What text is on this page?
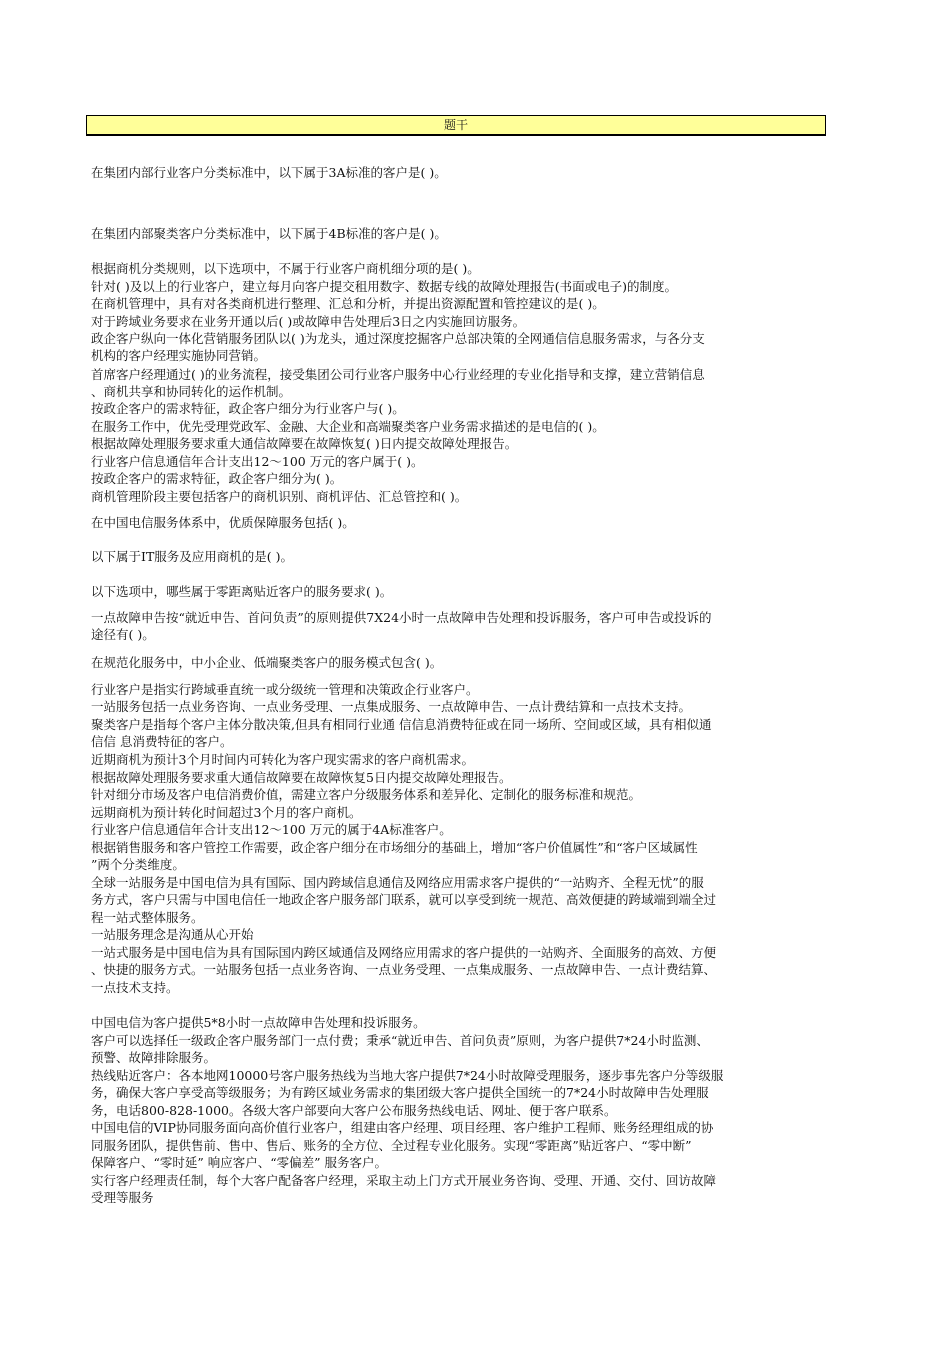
题干
在集团内部行业客户分类标准中，以下属于3A标准的客户是( )。
在集团内部聚类客户分类标准中，以下属于4B标准的客户是( )。
根据商机分类规则，以下选项中，不属于行业客户商机细分项的是( )。
针对( )及以上的行业客户，建立每月向客户提交租用数字、数据专线的故障处理报告(书面或电子)的制度。
在商机管理中，具有对各类商机进行整理、汇总和分析，并提出资源配置和管控建议的是( )。
对于跨域业务要求在业务开通以后( )或故障申告处理后3日之内实施回访服务。
政企客户纵向一体化营销服务团队以( )为龙头，通过深度挖掘客户总部决策的全网通信信息服务需求，与各分支
机构的客户经理实施协同营销。
首席客户经理通过( )的业务流程，接受集团公司行业客户服务中心行业经理的专业化指导和支撑，建立营销信息
、商机共享和协同转化的运作机制。
按政企客户的需求特征，政企客户细分为行业客户与( )。
在服务工作中，优先受理党政军、金融、大企业和高端聚类客户业务需求描述的是电信的( )。
根据故障处理服务要求重大通信故障要在故障恢复( )日内提交故障处理报告。
行业客户信息通信年合计支出12～100 万元的客户属于( )。
按政企客户的需求特征，政企客户细分为( )。
商机管理阶段主要包括客户的商机识别、商机评估、汇总管控和( )。
在中国电信服务体系中，优质保障服务包括( )。
以下属于IT服务及应用商机的是( )。
以下选项中，哪些属于零距离贴近客户的服务要求( )。
一点故障申告按“就近申告、首问负责”的原则提供7X24小时一点故障申告处理和投诉服务，客户可申告或投诉的
途径有( )。
在规范化服务中，中小企业、低端聚类客户的服务模式包含( )。
行业客户是指实行跨域垂直统一或分级统一管理和决策政企行业客户。
一站服务包括一点业务咨询、一点业务受理、一点集成服务、一点故障申告、一点计费结算和一点技术支持。
聚类客户是指每个客户主体分散决策,但具有相同行业通 信信息消费特征或在同一场所、空间或区域，具有相似通
信信 息消费特征的客户。
近期商机为预计3个月时间内可转化为客户现实需求的客户商机需求。
根据故障处理服务要求重大通信故障要在故障恢复5日内提交故障处理报告。
针对细分市场及客户电信消费价值，需建立客户分级服务体系和差异化、定制化的服务标准和规范。
远期商机为预计转化时间超过3个月的客户商机。
行业客户信息通信年合计支出12～100 万元的属于4A标准客户。
根据销售服务和客户管控工作需要，政企客户细分在市场细分的基础上，增加“客户价值属性”和“客户区域属性
”两个分类维度。
全球一站服务是中国电信为具有国际、国内跨域信息通信及网络应用需求客户提供的“一站购齐、全程无忧”的服
务方式，客户只需与中国电信任一地政企客户服务部门联系，就可以享受到统一规范、高效便捷的跨域端到端全过
程一站式整体服务。
一站服务理念是沟通从心开始
一站式服务是中国电信为具有国际国内跨区域通信及网络应用需求的客户提供的一站购齐、全面服务的高效、方便
、快捷的服务方式。一站服务包括一点业务咨询、一点业务受理、一点集成服务、一点故障申告、一点计费结算、
一点技术支持。
中国电信为客户提供5*8小时一点故障申告处理和投诉服务。
客户可以选择任一级政企客户服务部门一点付费；秉承“就近申告、首问负责”原则，为客户提供7*24小时监测、
预警、故障排除服务。
热线贴近客户：各本地网10000号客户服务热线为当地大客户提供7*24小时故障受理服务，逐步事先客户分等级服
务，确保大客户享受高等级服务；为有跨区域业务需求的集团级大客户提供全国统一的7*24小时故障申告处理服
务，电话800-828-1000。各级大客户部要向大客户公布服务热线电话、网址、便于客户联系。
中国电信的VIP协同服务面向高价值行业客户，组建由客户经理、项目经理、客户维护工程师、账务经理组成的协
同服务团队，提供售前、售中、售后、账务的全方位、全过程专业化服务。实现“零距离”贴近客户、“零中断”
保障客户、“零时延” 响应客户、“零偏差” 服务客户。
实行客户经理责任制，每个大客户配备客户经理，采取主动上门方式开展业务咨询、受理、开通、交付、回访故障
受理等服务
